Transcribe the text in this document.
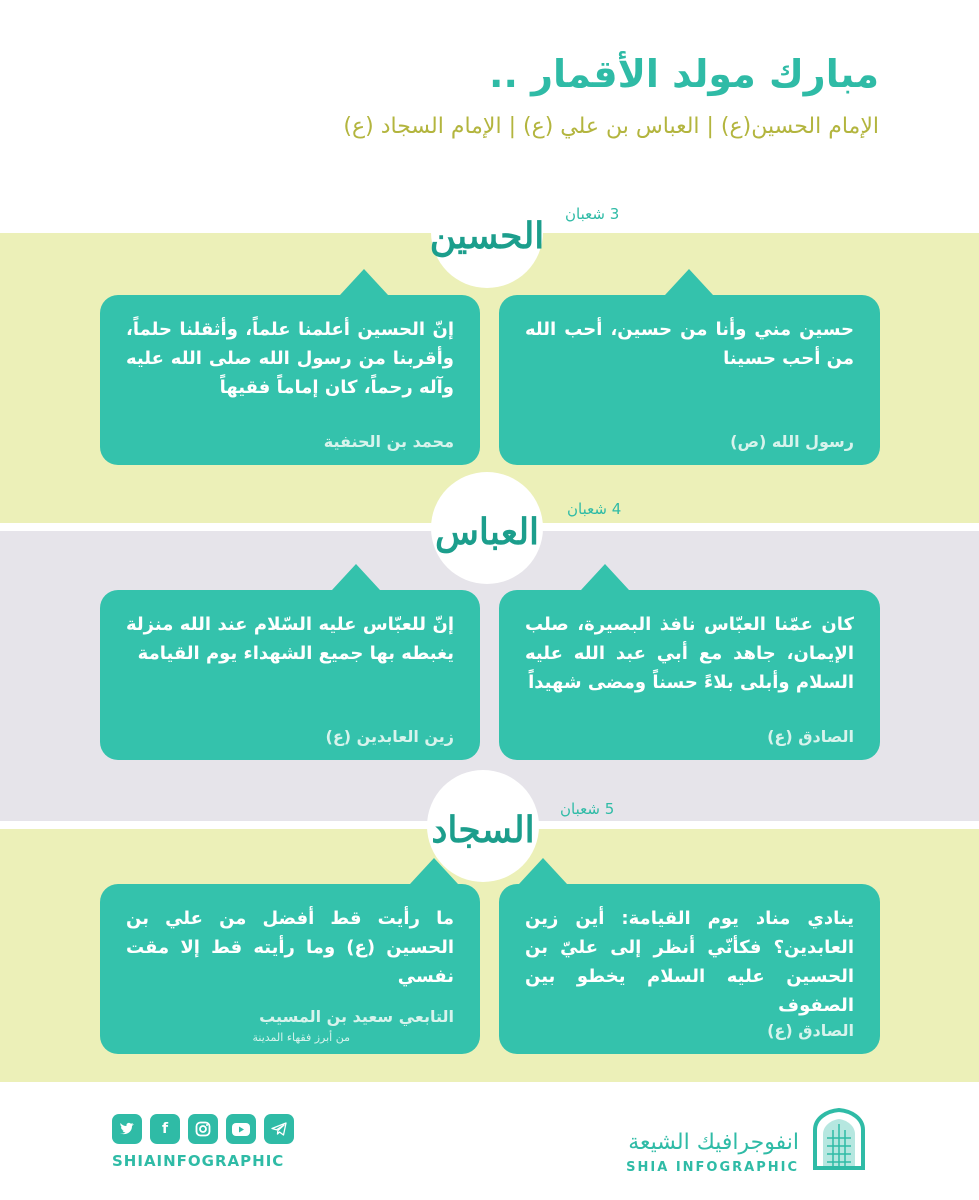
مبارك مولد الأقمار ..
الإمام الحسين(ع) | العباس بن علي (ع) | الإمام السجاد (ع)
3 شعبان
الحسين
حسين مني وأنا من حسين، أحب الله من أحب حسينا
رسول الله (ص)
إنّ الحسين أعلمنا علماً، وأثقلنا حلماً، وأقربنا من رسول الله صلى الله عليه وآله رحماً، كان إماماً فقيهاً
محمد بن الحنفية
4 شعبان
العباس
كان عمّنا العبّاس نافذ البصيرة، صلب الإيمان، جاهد مع أبي عبد الله عليه السلام وأبلى بلاءً حسناً ومضى شهيداً
الصادق (ع)
إنّ للعبّاس عليه السّلام عند الله منزلة يغبطه بها جميع الشهداء يوم القيامة
زين العابدين (ع)
5 شعبان
السجاد
ينادي مناد يوم القيامة: أين زين العابدين؟ فكأنّي أنظر إلى عليّ بن الحسين عليه السلام يخطو بين الصفوف
الصادق (ع)
ما رأيت قط أفضل من علي بن الحسين (ع) وما رأيته قط إلا مقت نفسي
التابعي سعيد بن المسيب
من أبرز فقهاء المدينة
f
SHIAINFOGRAPHIC
انفوجرافيك الشيعة
SHIA INFOGRAPHIC
